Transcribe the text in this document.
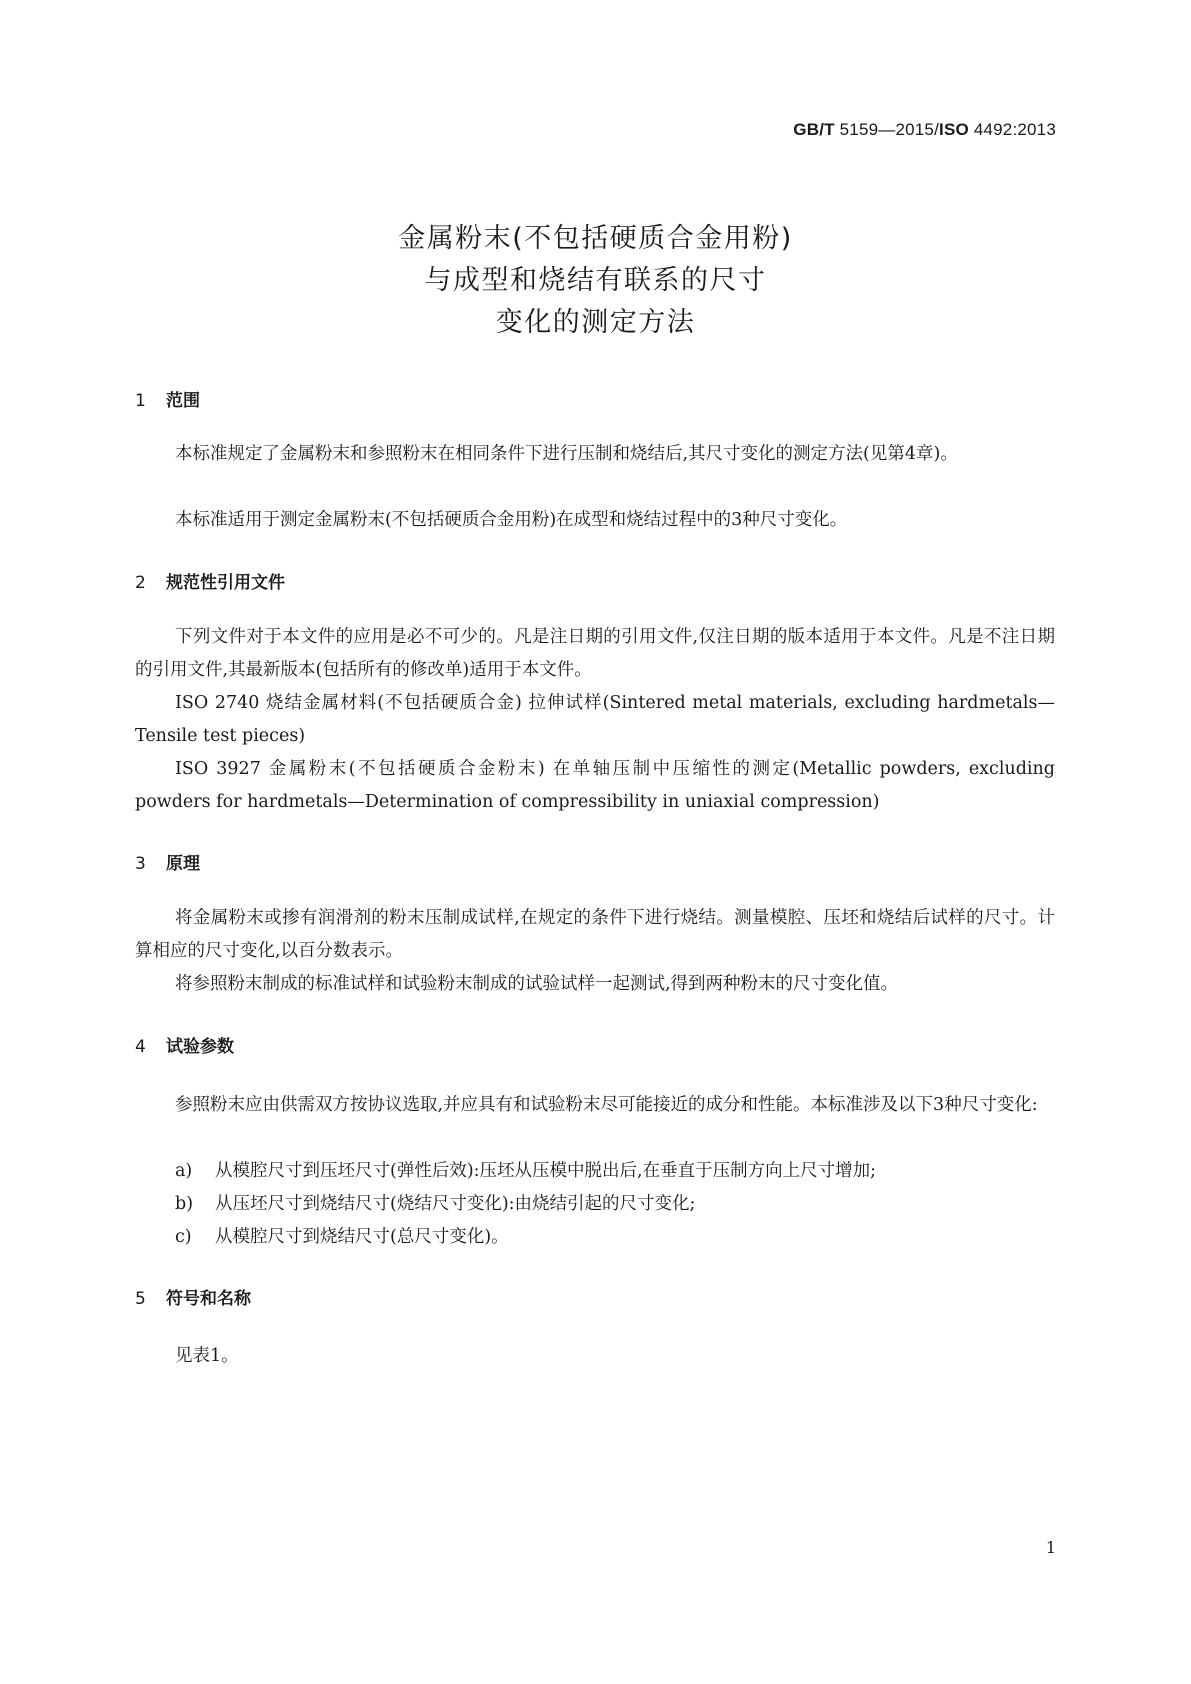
GB/T 5159—2015/ISO 4492:2013
金属粉末(不包括硬质合金用粉)
与成型和烧结有联系的尺寸
变化的测定方法
1 范围
本标准规定了金属粉末和参照粉末在相同条件下进行压制和烧结后,其尺寸变化的测定方法(见第4章)。
本标准适用于测定金属粉末(不包括硬质合金用粉)在成型和烧结过程中的3种尺寸变化。
2 规范性引用文件
下列文件对于本文件的应用是必不可少的。凡是注日期的引用文件,仅注日期的版本适用于本文件。凡是不注日期的引用文件,其最新版本(包括所有的修改单)适用于本文件。
ISO 2740 烧结金属材料(不包括硬质合金) 拉伸试样(Sintered metal materials, excluding hardmetals—Tensile test pieces)
ISO 3927 金属粉末(不包括硬质合金粉末) 在单轴压制中压缩性的测定(Metallic powders, excluding powders for hardmetals—Determination of compressibility in uniaxial compression)
3 原理
将金属粉末或掺有润滑剂的粉末压制成试样,在规定的条件下进行烧结。测量模腔、压坯和烧结后试样的尺寸。计算相应的尺寸变化,以百分数表示。
将参照粉末制成的标准试样和试验粉末制成的试验试样一起测试,得到两种粉末的尺寸变化值。
4 试验参数
参照粉末应由供需双方按协议选取,并应具有和试验粉末尽可能接近的成分和性能。本标准涉及以下3种尺寸变化:
a) 从模腔尺寸到压坯尺寸(弹性后效):压坯从压模中脱出后,在垂直于压制方向上尺寸增加;
b) 从压坯尺寸到烧结尺寸(烧结尺寸变化):由烧结引起的尺寸变化;
c) 从模腔尺寸到烧结尺寸(总尺寸变化)。
5 符号和名称
见表1。
1
